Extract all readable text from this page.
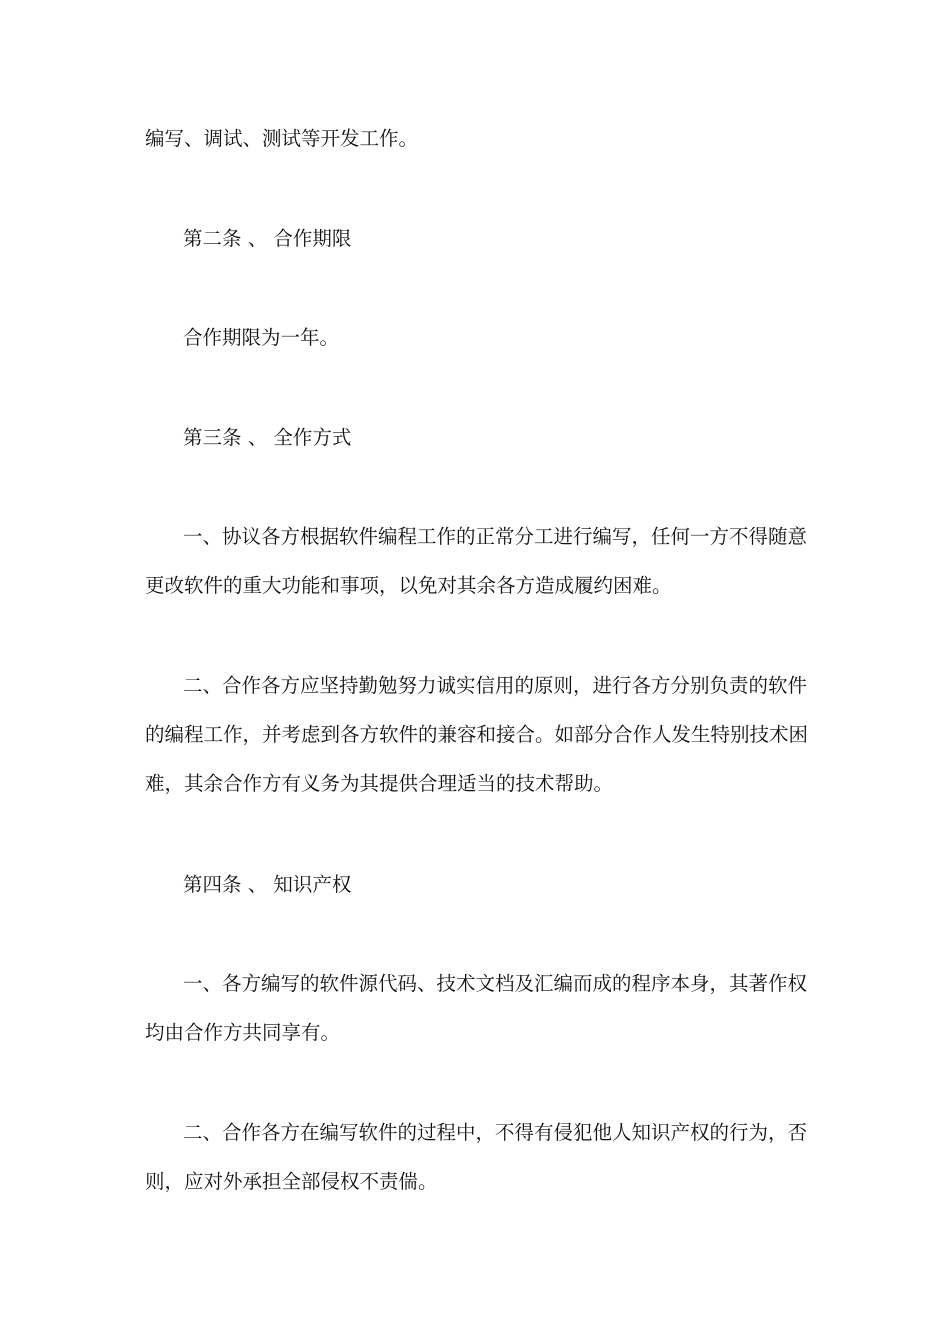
编写、调试、测试等开发工作。
第二条 、 合作期限
合作期限为一年。
第三条 、 全作方式
一、协议各方根据软件编程工作的正常分工进行编写，任何一方不得随意
更改软件的重大功能和事项，以免对其余各方造成履约困难。
二、合作各方应坚持勤勉努力诚实信用的原则，进行各方分别负责的软件
的编程工作，并考虑到各方软件的兼容和接合。如部分合作人发生特别技术困
难，其余合作方有义务为其提供合理适当的技术帮助。
第四条 、 知识产权
一、各方编写的软件源代码、技术文档及汇编而成的程序本身，其著作权
均由合作方共同享有。
二、合作各方在编写软件的过程中，不得有侵犯他人知识产权的行为，否
则，应对外承担全部侵权不责偳。
